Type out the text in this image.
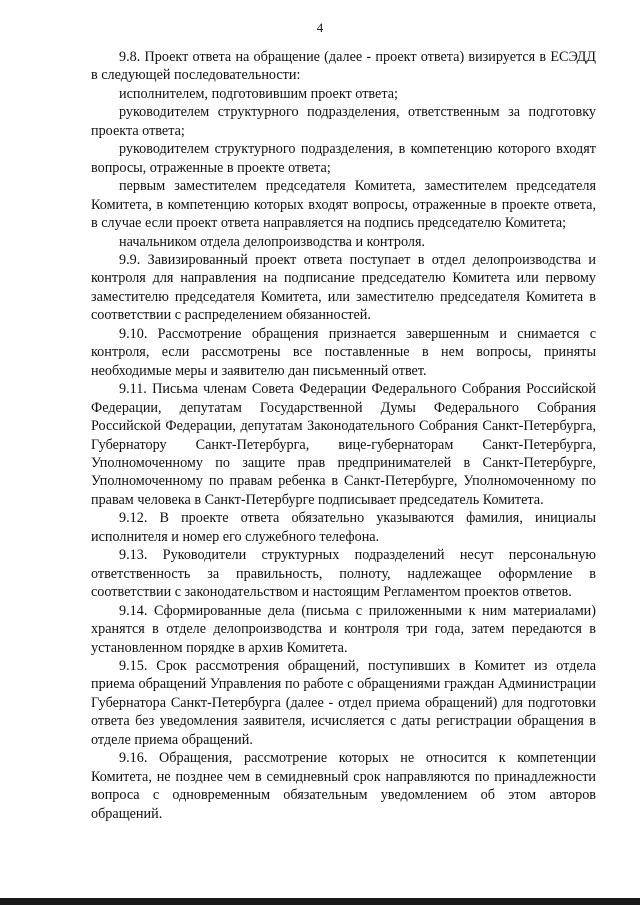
4

9.8. Проект ответа на обращение (далее - проект ответа) визируется в ЕСЭДД в следующей последовательности:

исполнителем, подготовившим проект ответа;

руководителем структурного подразделения, ответственным за подготовку проекта ответа;

руководителем структурного подразделения, в компетенцию которого входят вопросы, отраженные в проекте ответа;

первым заместителем председателя Комитета, заместителем председателя Комитета, в компетенцию которых входят вопросы, отраженные в проекте ответа, в случае если проект ответа направляется на подпись председателю Комитета;

начальником отдела делопроизводства и контроля.

9.9. Завизированный проект ответа поступает в отдел делопроизводства и контроля для направления на подписание председателю Комитета или первому заместителю председателя Комитета, или заместителю председателя Комитета в соответствии с распределением обязанностей.

9.10. Рассмотрение обращения признается завершенным и снимается с контроля, если рассмотрены все поставленные в нем вопросы, приняты необходимые меры и заявителю дан письменный ответ.

9.11. Письма членам Совета Федерации Федерального Собрания Российской Федерации, депутатам Государственной Думы Федерального Собрания Российской Федерации, депутатам Законодательного Собрания Санкт-Петербурга, Губернатору Санкт-Петербурга, вице-губернаторам Санкт-Петербурга, Уполномоченному по защите прав предпринимателей в Санкт-Петербурге, Уполномоченному по правам ребенка в Санкт-Петербурге, Уполномоченному по правам человека в Санкт-Петербурге подписывает председатель Комитета.

9.12. В проекте ответа обязательно указываются фамилия, инициалы исполнителя и номер его служебного телефона.

9.13. Руководители структурных подразделений несут персональную ответственность за правильность, полноту, надлежащее оформление в соответствии с законодательством и настоящим Регламентом проектов ответов.

9.14. Сформированные дела (письма с приложенными к ним материалами) хранятся в отделе делопроизводства и контроля три года, затем передаются в установленном порядке в архив Комитета.

9.15. Срок рассмотрения обращений, поступивших в Комитет из отдела приема обращений Управления по работе с обращениями граждан Администрации Губернатора Санкт-Петербурга (далее - отдел приема обращений) для подготовки ответа без уведомления заявителя, исчисляется с даты регистрации обращения в отделе приема обращений.

9.16. Обращения, рассмотрение которых не относится к компетенции Комитета, не позднее чем в семидневный срок направляются по принадлежности вопроса с одновременным обязательным уведомлением об этом авторов обращений.
